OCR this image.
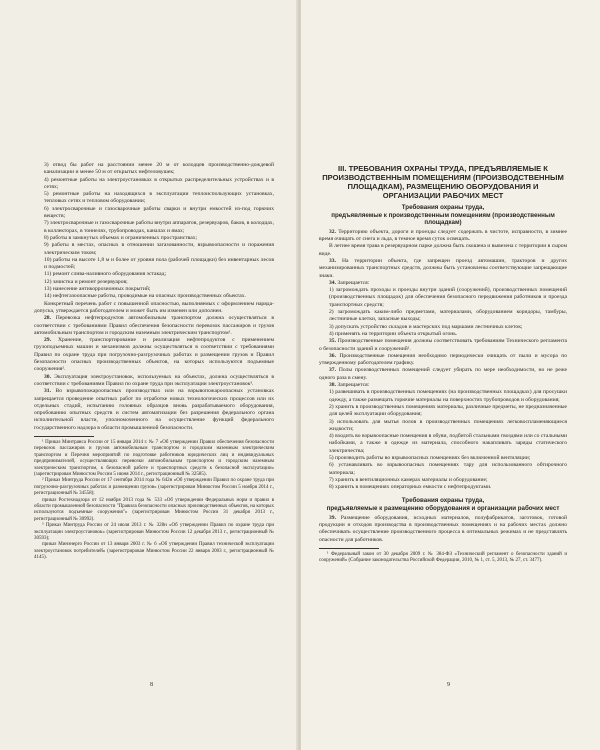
3) отвод бы работ на расстоянии менее 20 м от колодцев производственно-дождевой канализации и менее 50 м от открытых нефтеловушек;

4) ремонтные работы на электроустановках в открытых распределительных устройствах и в сетях;

5) ремонтные работы на находящихся в эксплуатации теплоиспользующих установках, тепловых сетях и тепловом оборудовании;

6) электросварочные и газосварочные работы сварки и внутри емкостей из-под горючих веществ;

7) электросварочные и газосварочные работы внутри аппаратов, резервуаров, баков, в колодцах, в коллекторах, в тоннелях, трубопроводах, каналах и ямах;

8) работы в замкнутых объемах и ограниченных пространствах;

9) работы в местах, опасных в отношении загазованности, взрывоопасности и поражения электрическим током;

10) работы на высоте 1,8 м и более от уровня пола (рабочей площадки) без инвентарных лесов и подмостей;

11) ремонт слива-наливного оборудования эстакад;

12) зачистка и ремонт резервуаров;

13) нанесение антикоррозионных покрытий;

14) нефтегазоопасные работы, проводимые на опасных производственных объектах.

Конкретный перечень работ с повышенной опасностью, выполняемых с оформлением наряда-допуска, утверждается работодателем и может быть им изменен или дополнен.

28. Перевозка нефтепродуктов автомобильным транспортом должна осуществляться в соответствии с требованиями Правил обеспечения безопасности перевозок пассажиров и грузов автомобильным транспортом и городским наземным электрическим транспортом¹.

29. Хранение, транспортирование и реализация нефтепродуктов с применением грузоподъемных машин и механизмов должны осуществляться в соответствии с требованиями Правил по охране труда при погрузочно-разгрузочных работах и размещении грузов и Правил безопасности опасных производственных объектов, на которых используются подъемные сооружения².

30. Эксплуатация электроустановок, используемых на объектах, должна осуществляться в соответствии с требованиями Правил по охране труда при эксплуатации электроустановок³.

31. Во взрывопожароопасных производствах или на взрывопожароопасных установках запрещается проведение опытных работ по отработке новых технологических процессов или их отдельных стадий, испытанию головных образцов вновь разрабатываемого оборудования, опробованию опытных средств и систем автоматизации без разрешения федерального органа исполнительной власти, уполномоченного на осуществление функций федерального государственного надзора в области промышленной безопасности.

¹ Приказ Минтранса России от 15 января 2014 г. № 7 «Об утверждении Правил обеспечения безопасности перевозок пассажиров и грузов автомобильным транспортом и городским наземным электрическим транспортом и Перечня мероприятий по подготовке работников юридических лиц и индивидуальных предпринимателей, осуществляющих перевозки автомобильным транспортом и городским наземным электрическим транспортом, к безопасной работе и транспортных средств к безопасной эксплуатации» (зарегистрирован Минюстом России 5 июня 2014 г., регистрационный № 32585).

² Приказ Минтруда России от 17 сентября 2014 года № 642н «Об утверждении Правил по охране труда при погрузочно-разгрузочных работах и размещении грузов» (зарегистрирован Минюстом России 5 ноября 2014 г., регистрационный № 34558);

приказ Ростехнадзора от 12 ноября 2013 года № 533 «Об утверждении Федеральных норм и правил в области промышленной безопасности "Правила безопасности опасных производственных объектов, на которых используются подъемные сооружения"» (зарегистрирован Минюстом России 31 декабря 2013 г., регистрационный № 30992).

³ Приказ Минтруда России от 24 июля 2013 г. № 328н «Об утверждении Правил по охране труда при эксплуатации электроустановок» (зарегистрирован Минюстом России 12 декабря 2013 г., регистрационный № 30593);

приказ Минэнерго России от 13 января 2003 г. № 6 «Об утверждении Правил технической эксплуатации электроустановок потребителей» (зарегистрирован Минюстом России 22 января 2003 г., регистрационный № 4145).

8
III. ТРЕБОВАНИЯ ОХРАНЫ ТРУДА, ПРЕДЪЯВЛЯЕМЫЕ К ПРОИЗВОДСТВЕННЫМ ПОМЕЩЕНИЯМ (ПРОИЗВОДСТВЕННЫМ ПЛОЩАДКАМ), РАЗМЕЩЕНИЮ ОБОРУДОВАНИЯ И ОРГАНИЗАЦИИ РАБОЧИХ МЕСТ
Требования охраны труда,
предъявляемые к производственным помещениям (производственным площадкам)

32. Территорию объекта, дороги и проезды следует содержать в чистоте, исправности, в зимнее время очищать от снега и льда, в темное время суток освещать.

В летнее время трава в резервуарном парке должна быть скошена и вывезена с территории в сыром виде.

33. На территории объекта, где запрещен проезд автомашин, тракторов и других механизированных транспортных средств, должны быть установлены соответствующие запрещающие знаки.

34. Запрещается:

1) загромождать проходы и проезды внутри зданий (сооружений), производственных помещений (производственных площадок) для обеспечения безопасного передвижения работников и проезда транспортных средств;

2) загромождать каким-либо предметами, материалами, оборудованием коридоры, тамбуры, лестничные клетки, запасные выходы;

3) допускать устройство складов и мастерских под маршами лестничных клеток;

4) применять на территории объекта открытый огонь.

35. Производственные помещения должны соответствовать требованиям Технического регламента о безопасности зданий и сооружений¹.

36. Производственные помещения необходимо периодически очищать от пыли и мусора по утвержденному работодателем графику.

37. Полы производственных помещений следует убирать по мере необходимости, но не реже одного раза в смену.

38. Запрещается:

1) развешивать в производственных помещениях (на производственных площадках) для просушки одежду, а также размещать горючие материалы на поверхностях трубопроводов и оборудования;

2) хранить в производственных помещениях материалы, различные предметы, не предназначенные для целей эксплуатации оборудования;

3) использовать для мытья полов в производственных помещениях легковоспламеняющиеся жидкости;

4) входить во взрывоопасные помещения в обуви, подбитой стальными гвоздями или со стальными набойками, а также в одежде из материала, способного накапливать заряды статического электричества;

5) производить работы во взрывоопасных помещениях без включенной вентиляции;

6) устанавливать во взрывоопасных помещениях тару для использованного обтирочного материала;

7) хранить в вентиляционных камерах материалы и оборудование;

8) хранить в помещениях операторных емкости с нефтепродуктами.

Требования охраны труда,
предъявляемые к размещению оборудования и организации рабочих мест

39. Размещение оборудования, исходных материалов, полуфабрикатов, заготовок, готовой продукции и отходов производства в производственных помещениях и на рабочих местах должно обеспечивать осуществление производственного процесса в оптимальных режимах и не представлять опасности для работников.

¹ Федеральный закон от 30 декабря 2009 г. № 384-ФЗ «Технический регламент о безопасности зданий и сооружений» (Собрание законодательства Российской Федерации, 2010, № 1, ст. 5, 2013, № 27, ст. 3477).

9
